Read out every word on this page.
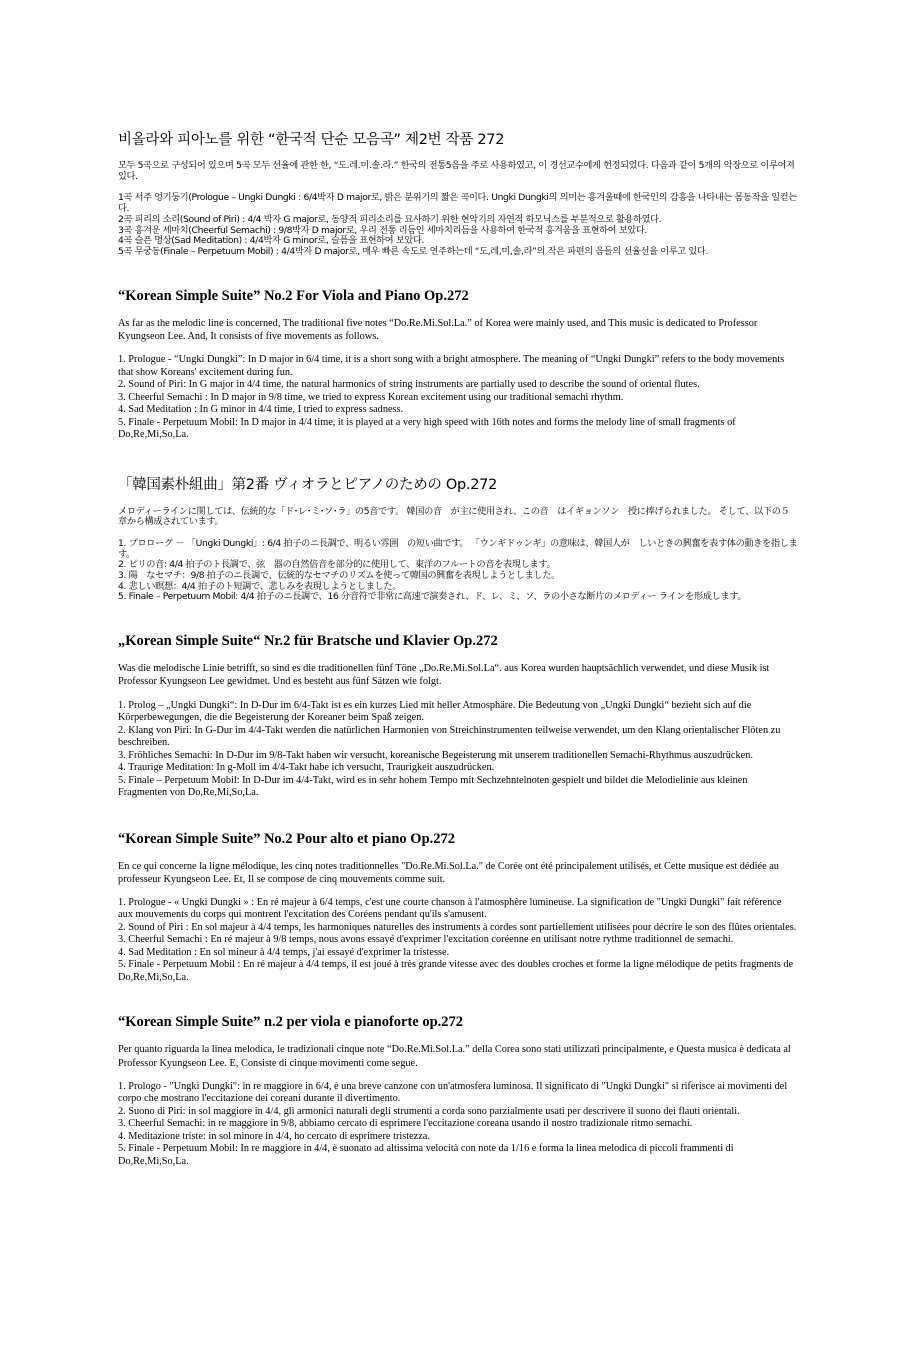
비올라와 피아노를 위한 “한국적 단순 모음곡” 제2번 작품 272

모두 5곡으로 구성되어 있으며 5곡 모두 선율에 관한 한, “도.레.미.솔.라.” 한국의 전통5음을 주로 사용하였고, 이 경선교수에게 헌정되었다. 다음과 같이 5개의 악장으로 이루어져있다.

1곡 서주 엉기둥기(Prologue – Ungki Dungki : 6/4박자 D major로, 밝은 분위기의 짧은 곡이다. Ungki Dungki의 의미는 흥겨울때에 한국인의 감흥을 나타내는 몸동작을 일컫는다.

2곡 피리의 소리(Sound of Piri) : 4/4 박자 G major로, 동양적 피리소리를 묘사하기 위한 현악기의 자연적 하모닉스를 부분적으로 활용하였다.

3곡 흥겨운 세마치(Cheerful Semachi) : 9/8박자 D major로, 우리 전통 리듬인 세마치리듬을 사용하여 한국적 흥겨움을 표현하여 보았다.

4곡 슬픈 명상(Sad Meditation) : 4/4박자 G minor로, 슬픔을 표현하여 보았다.

5곡 무궁동(Finale – Perpetuum Mobil) : 4/4박자 D major로, 매우 빠른 속도로 연주하는데 “도,레,미,솔,라”의 작은 파편의 음들의 선율선을 이루고 있다.

“Korean Simple Suite” No.2 For Viola and Piano Op.272

As far as the melodic line is concerned, The traditional five notes “Do.Re.Mi.Sol.La.” of Korea were mainly used, and This music is dedicated to Professor Kyungseon Lee. And, It consists of five movements as follows.

1. Prologue - “Ungki Dungki”: In D major in 6/4 time, it is a short song with a bright atmosphere. The meaning of “Ungki Dungki” refers to the body movements that show Koreans' excitement during fun.

2. Sound of Piri: In G major in 4/4 time, the natural harmonics of string instruments are partially used to describe the sound of oriental flutes.

3. Cheerful Semachi : In D major in 9/8 time, we tried to express Korean excitement using our traditional semachi rhythm.

4. Sad Meditation : In G minor in 4/4 time, I tried to express sadness.

5. Finale - Perpetuum Mobil: In D major in 4/4 time, it is played at a very high speed with 16th notes and forms the melody line of small fragments of Do,Re,Mi,So,La.

「韓国素朴組曲」第2番 ヴィオラとピアノのための Op.272

メロディーラインに関しては、伝統的な「ド･レ･ミ･ソ･ラ」の5音です。 韓国の音　が主に使用され、この音　はイギョンソン　授に捧げられました。 そして、以下の５　章から構成されています。

1. プロローグ － 「Ungki Dungki」: 6/4 拍子のニ長調で、明るい雰囲　の短い曲です。 「ウンギドゥンギ」の意味は、韓国人が　しいときの興奮を表す体の動きを指します。

2. ピリの音: 4/4 拍子のト長調で、弦　器の自然倍音を部分的に使用して、東洋のフルートの音を表現します。

3. 陽　なセマチ：9/8 拍子のニ長調で、伝統的なセマチのリズムを使って韓国の興奮を表現しようとしました。

4. 悲しい瞑想：4/4 拍子のト短調で、悲しみを表現しようとしました。

5. Finale – Perpetuum Mobil: 4/4 拍子のニ長調で、16 分音符で非常に高速で演奏され、ド、レ、ミ、ソ、ラの小さな断片のメロディー ラインを形成します。

„Korean Simple Suite“ Nr.2 für Bratsche und Klavier Op.272

Was die melodische Linie betrifft, so sind es die traditionellen fünf Töne „Do.Re.Mi.Sol.La“. aus Korea wurden hauptsächlich verwendet, und diese Musik ist Professor Kyungseon Lee gewidmet. Und es besteht aus fünf Sätzen wie folgt.

1. Prolog – „Ungki Dungki“: In D-Dur im 6/4-Takt ist es ein kurzes Lied mit heller Atmosphäre. Die Bedeutung von „Ungki Dungki“ bezieht sich auf die Körperbewegungen, die die Begeisterung der Koreaner beim Spaß zeigen.

2. Klang von Piri: In G-Dur im 4/4-Takt werden die natürlichen Harmonien von Streichinstrumenten teilweise verwendet, um den Klang orientalischer Flöten zu beschreiben.

3. Fröhliches Semachi: In D-Dur im 9/8-Takt haben wir versucht, koreanische Begeisterung mit unserem traditionellen Semachi-Rhythmus auszudrücken.

4. Traurige Meditation: In g-Moll im 4/4-Takt habe ich versucht, Traurigkeit auszudrücken.

5. Finale – Perpetuum Mobil: In D-Dur im 4/4-Takt, wird es in sehr hohem Tempo mit Sechzehntelnoten gespielt und bildet die Melodielinie aus kleinen Fragmenten von Do,Re,Mi,So,La.

“Korean Simple Suite” No.2 Pour alto et piano Op.272

En ce qui concerne la ligne mélodique, les cinq notes traditionnelles "Do.Re.Mi.Sol.La." de Corée ont été principalement utilisés, et Cette musique est dédiée au professeur Kyungseon Lee. Et, Il se compose de cinq mouvements comme suit.

1. Prologue - « Ungki Dungki » : En ré majeur à 6/4 temps, c'est une courte chanson à l'atmosphère lumineuse. La signification de "Ungki Dungki" fait référence aux mouvements du corps qui montrent l'excitation des Coréens pendant qu'ils s'amusent.

2. Sound of Piri : En sol majeur à 4/4 temps, les harmoniques naturelles des instruments à cordes sont partiellement utilisées pour décrire le son des flûtes orientales.

3. Cheerful Semachi : En ré majeur à 9/8 temps, nous avons essayé d'exprimer l'excitation coréenne en utilisant notre rythme traditionnel de semachi.

4. Sad Meditation : En sol mineur à 4/4 temps, j'ai essayé d'exprimer la tristesse.

5. Finale - Perpetuum Mobil : En ré majeur à 4/4 temps, il est joué à très grande vitesse avec des doubles croches et forme la ligne mélodique de petits fragments de Do,Re,Mi,So,La.

“Korean Simple Suite” n.2 per viola e pianoforte op.272

Per quanto riguarda la linea melodica, le tradizionali cinque note “Do.Re.Mi.Sol.La.” della Corea sono stati utilizzati principalmente, e Questa musica è dedicata al Professor Kyungseon Lee. E, Consiste di cinque movimenti come segue.

1. Prologo - "Ungki Dungki": in re maggiore in 6/4, è una breve canzone con un'atmosfera luminosa. Il significato di "Ungki Dungki" si riferisce ai movimenti del corpo che mostrano l'eccitazione dei coreani durante il divertimento.

2. Suono di Piri: in sol maggiore in 4/4, gli armonici naturali degli strumenti a corda sono parzialmente usati per descrivere il suono dei flauti orientali.

3. Cheerful Semachi: in re maggiore in 9/8, abbiamo cercato di esprimere l'eccitazione coreana usando il nostro tradizionale ritmo semachi.

4. Meditazione triste: in sol minore in 4/4, ho cercato di esprimere tristezza.

5. Finale - Perpetuum Mobil: In re maggiore in 4/4, è suonato ad altissima velocità con note da 1/16 e forma la linea melodica di piccoli frammenti di Do,Re,Mi,So,La.
